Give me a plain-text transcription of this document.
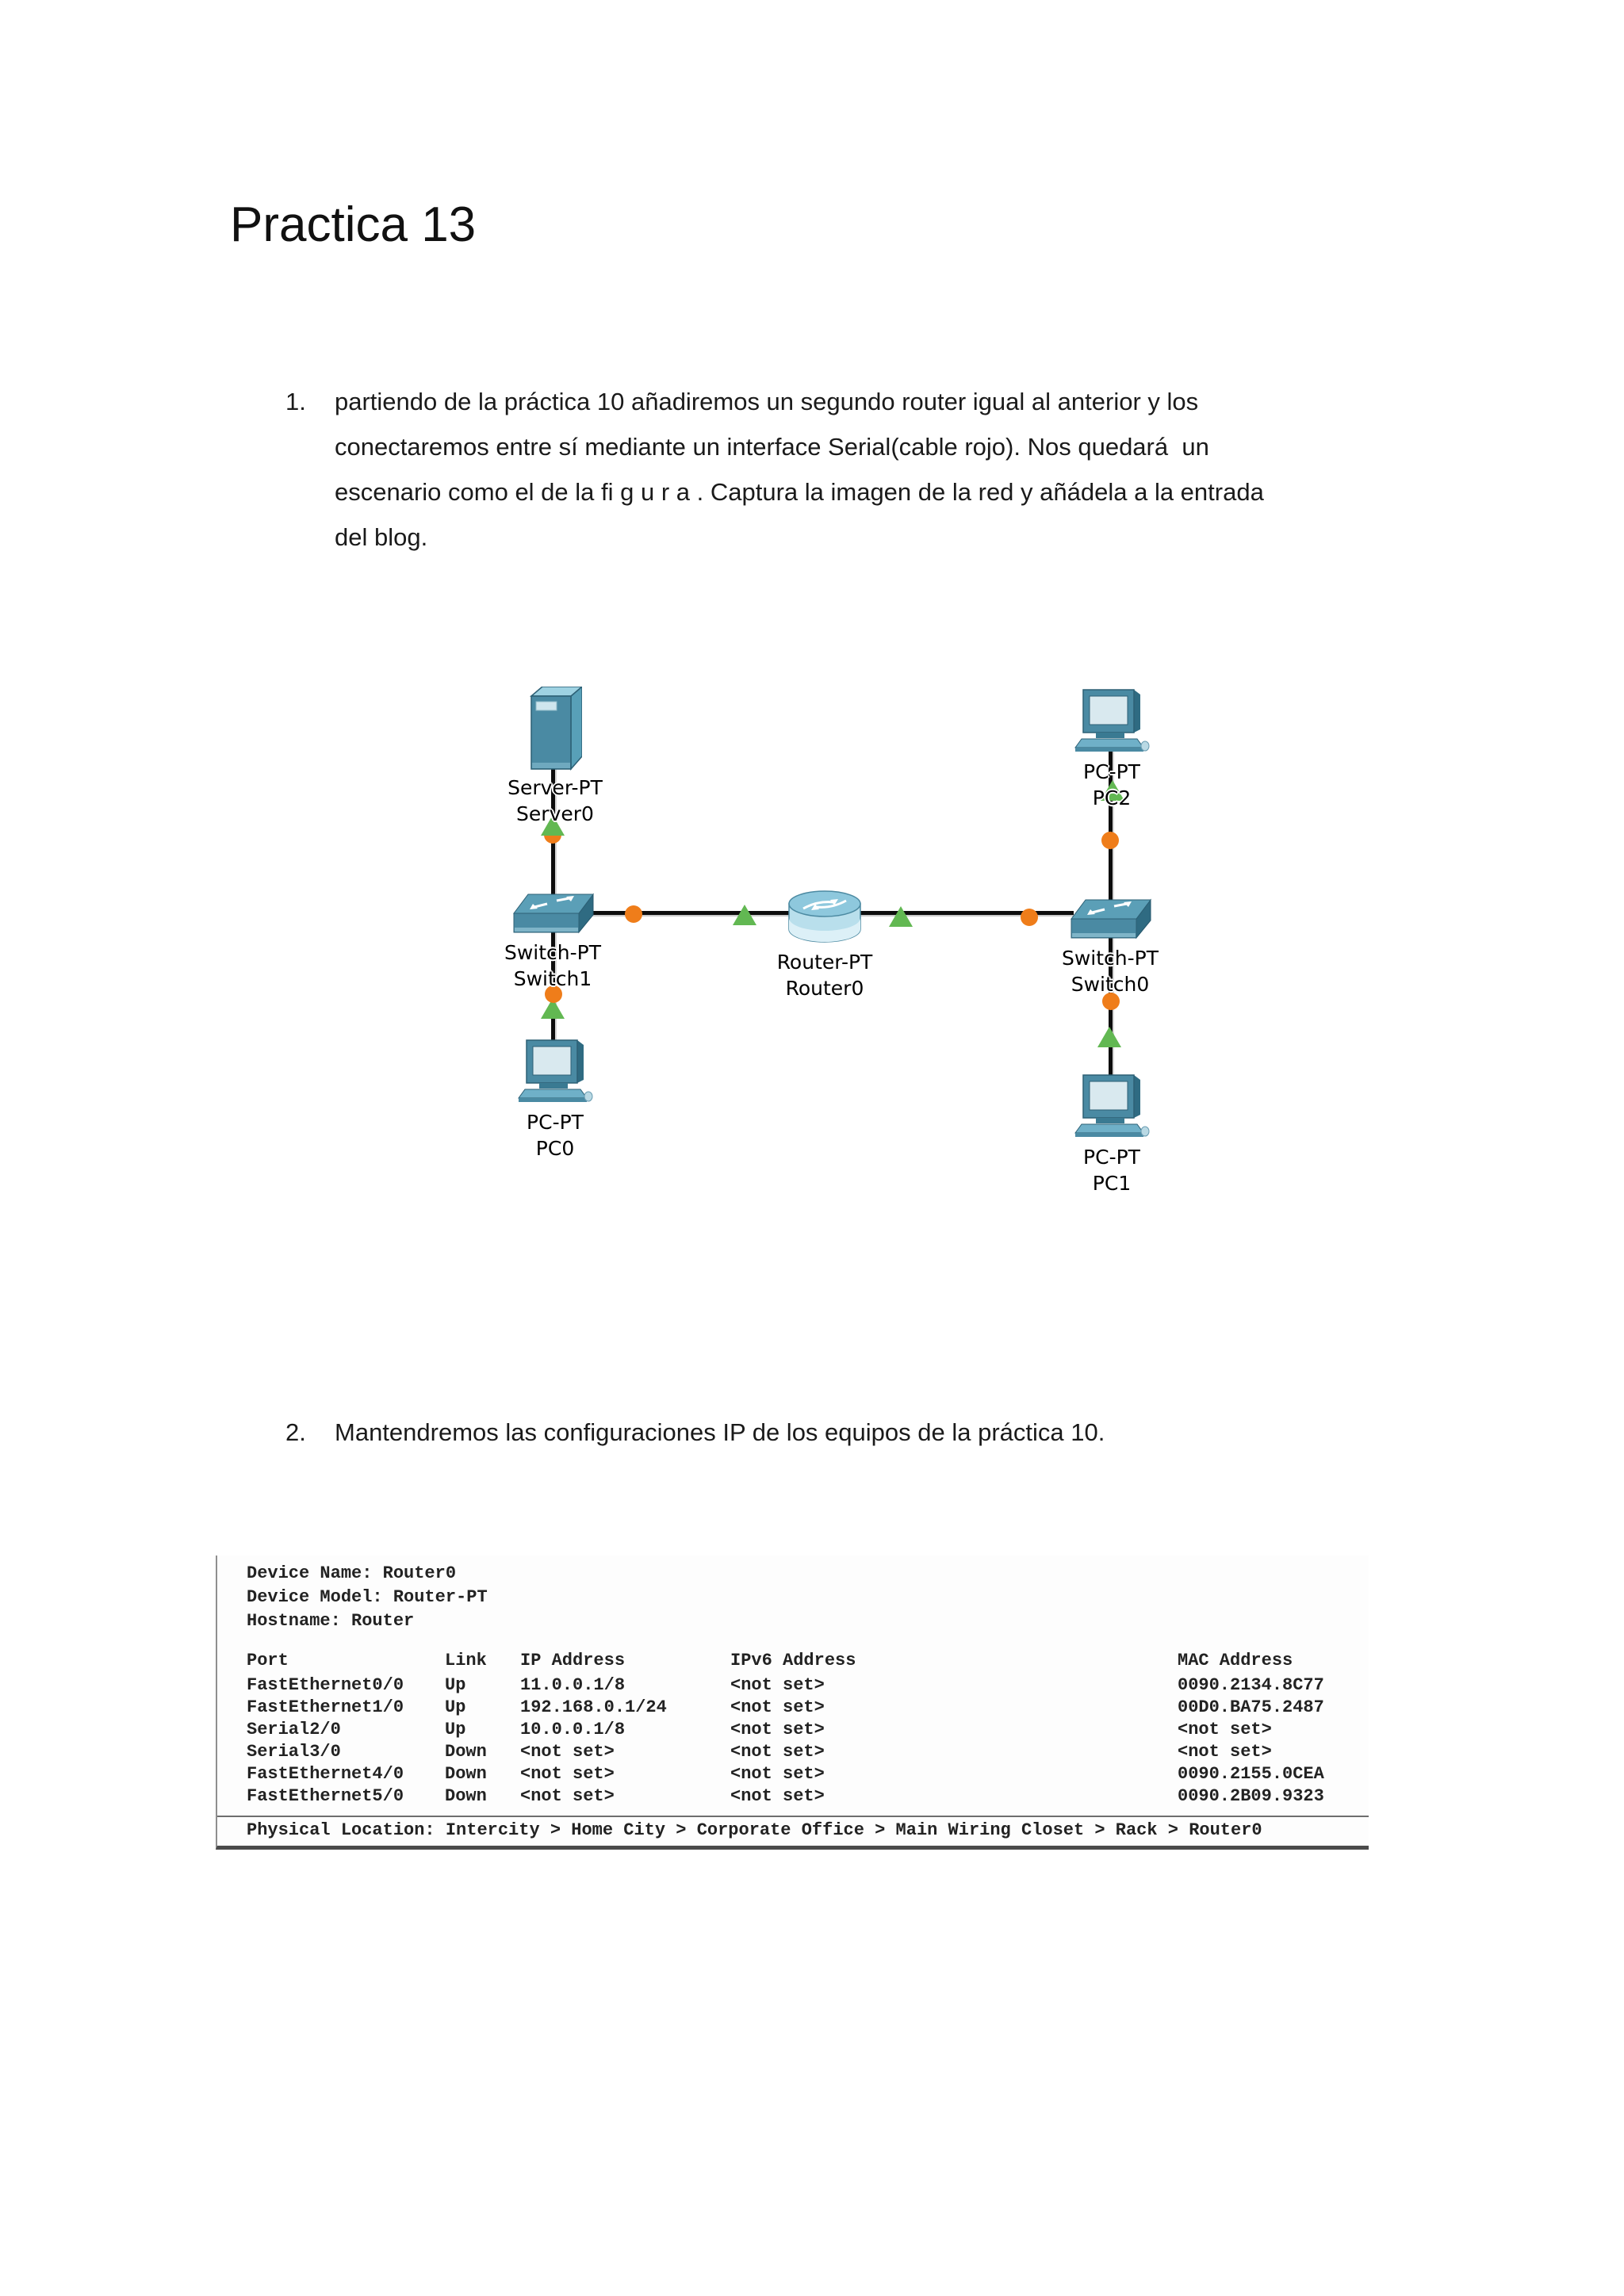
Practica 13
1.	partiendo de la práctica 10 añadiremos un segundo router igual al anterior y los
conectaremos entre sí mediante un interface Serial(cable rojo). Nos quedará  un
escenario como el de la fi g u r a . Captura la imagen de la red y añádela a la entrada
del blog.
Server-PT
Server0
Switch-PT
Switch1
PC-PT
PC0
Router-PT
Router0
PC-PT
PC2
Switch-PT
Switch0
PC-PT
PC1
2.	Mantendremos las configuraciones IP de los equipos de la práctica 10.
Device Name: Router0
Device Model: Router-PT
Hostname: Router
Port	Link	IP Address	IPv6 Address	MAC Address
FastEthernet0/0	Up	11.0.0.1/8	<not set>	0090.2134.8C77
FastEthernet1/0	Up	192.168.0.1/24	<not set>	00D0.BA75.2487
Serial2/0	Up	10.0.0.1/8	<not set>	<not set>
Serial3/0	Down	<not set>	<not set>	<not set>
FastEthernet4/0	Down	<not set>	<not set>	0090.2155.0CEA
FastEthernet5/0	Down	<not set>	<not set>	0090.2B09.9323
Physical Location: Intercity > Home City > Corporate Office > Main Wiring Closet > Rack > Router0
